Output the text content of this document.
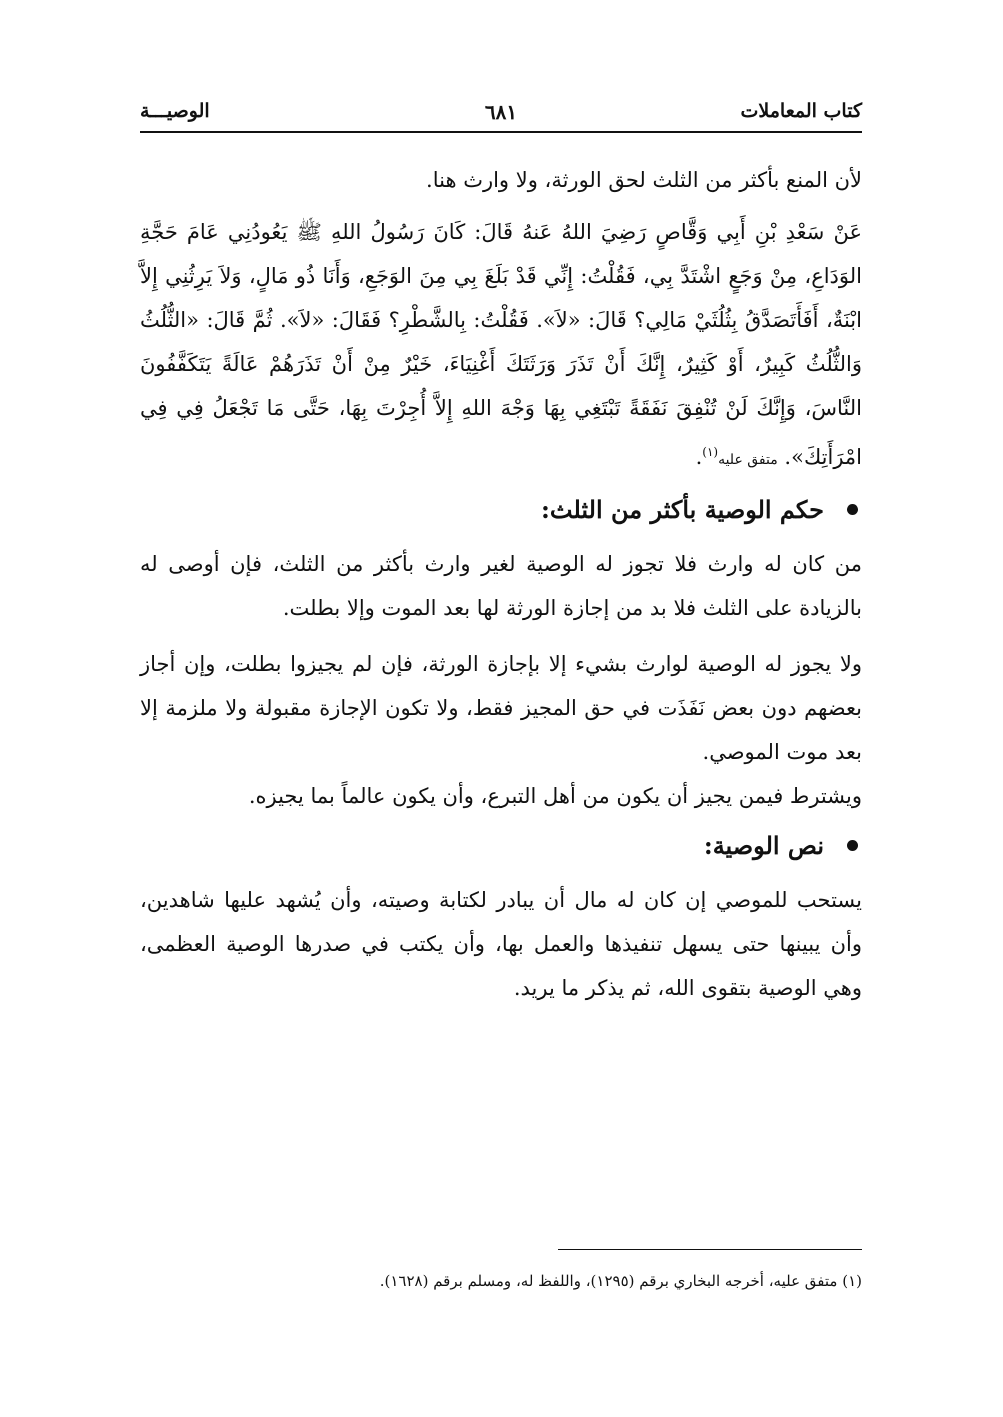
كتاب المعاملات
٦٨١
الوصيـــة

لأن المنع بأكثر من الثلث لحق الورثة، ولا وارث هنا.

عَنْ سَعْدِ بْنِ أَبِي وَقَّاصٍ رَضِيَ اللهُ عَنهُ قَالَ: كَانَ رَسُولُ اللهِ ﷺ يَعُودُنِي عَامَ حَجَّةِ الوَدَاعِ، مِنْ وَجَعٍ اشْتَدَّ بِي، فَقُلْتُ: إِنِّي قَدْ بَلَغَ بِي مِنَ الوَجَعِ، وَأَنَا ذُو مَالٍ، وَلاَ يَرِثُنِي إِلاَّ ابْنَةٌ، أَفَأَتَصَدَّقُ بِثُلُثَيْ مَالِي؟ قَالَ: «لاَ». فَقُلْتُ: بِالشَّطْرِ؟ فَقَالَ: «لاَ». ثُمَّ قَالَ: «الثُّلُثُ وَالثُّلُثُ كَبِيرٌ، أَوْ كَثِيرٌ، إِنَّكَ أَنْ تَذَرَ وَرَثَتَكَ أَغْنِيَاءَ، خَيْرٌ مِنْ أَنْ تَذَرَهُمْ عَالَةً يَتَكَفَّفُونَ النَّاسَ، وَإِنَّكَ لَنْ تُنْفِقَ نَفَقَةً تَبْتَغِي بِهَا وَجْهَ اللهِ إِلاَّ أُجِرْتَ بِهَا، حَتَّى مَا تَجْعَلُ فِي فِي امْرَأَتِكَ». متفق عليه$^{(١)}$.

حكم الوصية بأكثر من الثلث:

من كان له وارث فلا تجوز له الوصية لغير وارث بأكثر من الثلث، فإن أوصى له بالزيادة على الثلث فلا بد من إجازة الورثة لها بعد الموت وإلا بطلت.

ولا يجوز له الوصية لوارث بشيء إلا بإجازة الورثة، فإن لم يجيزوا بطلت، وإن أجاز بعضهم دون بعض نَفَذَت في حق المجيز فقط، ولا تكون الإجازة مقبولة ولا ملزمة إلا بعد موت الموصي.

ويشترط فيمن يجيز أن يكون من أهل التبرع، وأن يكون عالماً بما يجيزه.

نص الوصية:

يستحب للموصي إن كان له مال أن يبادر لكتابة وصيته، وأن يُشهد عليها شاهدين، وأن يبينها حتى يسهل تنفيذها والعمل بها، وأن يكتب في صدرها الوصية العظمى، وهي الوصية بتقوى الله، ثم يذكر ما يريد.

(١) متفق عليه، أخرجه البخاري برقم (١٢٩٥)، واللفظ له، ومسلم برقم (١٦٢٨).
